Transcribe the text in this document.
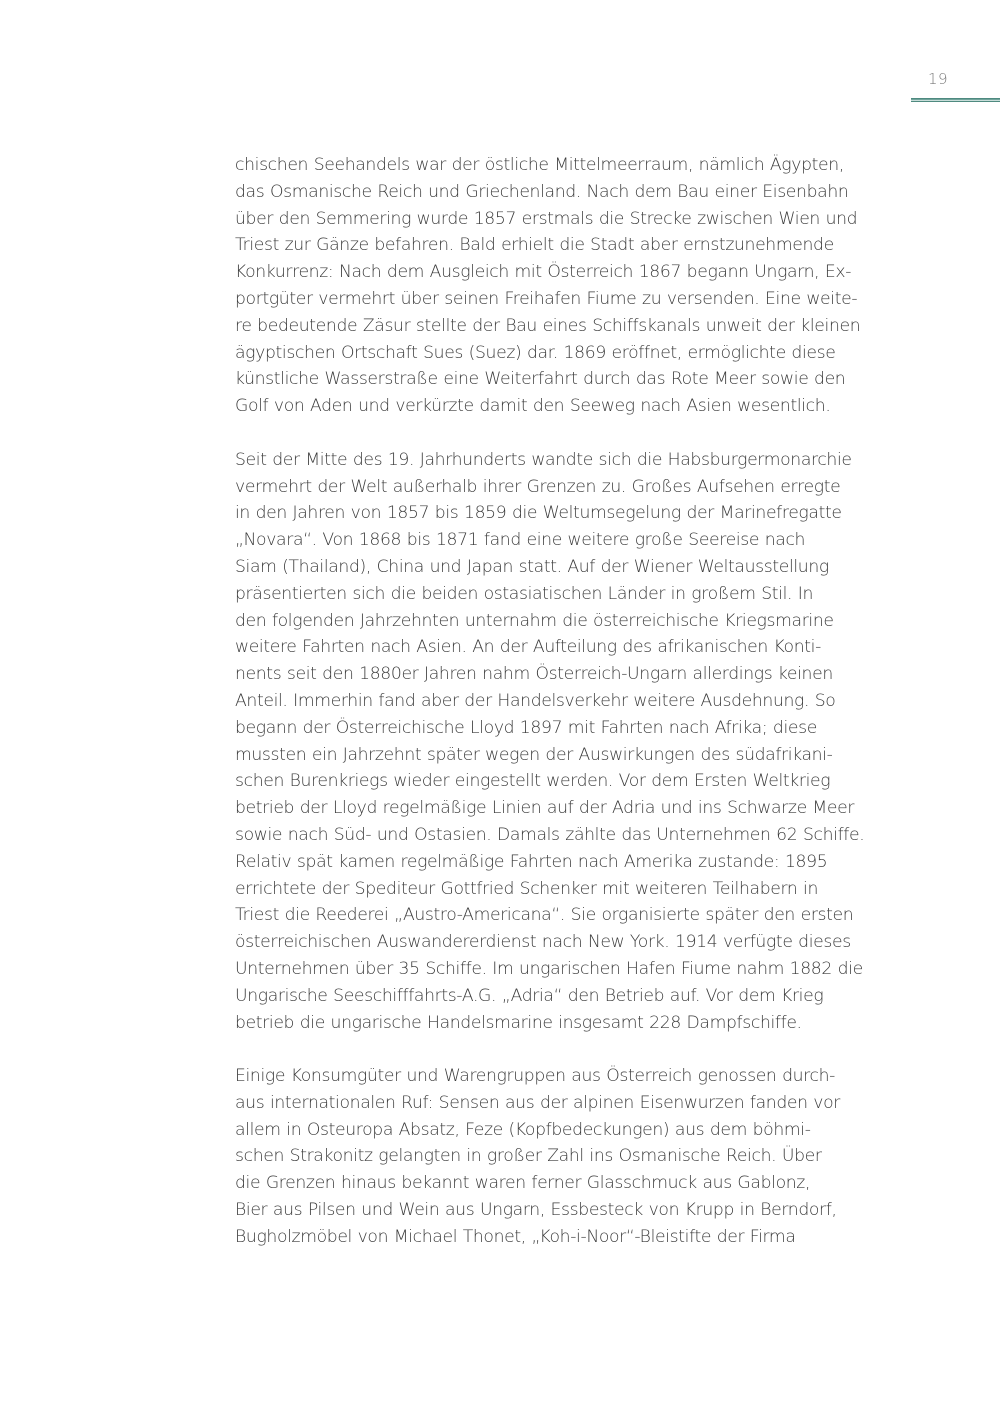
19
chischen Seehandels war der östliche Mittelmeerraum, nämlich Ägypten,
das Osmanische Reich und Griechenland. Nach dem Bau einer Eisenbahn
über den Semmering wurde 1857 erstmals die Strecke zwischen Wien und
Triest zur Gänze befahren. Bald erhielt die Stadt aber ernstzunehmende
Konkurrenz: Nach dem Ausgleich mit Österreich 1867 begann Ungarn, Ex-
portgüter vermehrt über seinen Freihafen Fiume zu versenden. Eine weite-
re bedeutende Zäsur stellte der Bau eines Schiffskanals unweit der kleinen
ägyptischen Ortschaft Sues (Suez) dar. 1869 eröffnet, ermöglichte diese
künstliche Wasserstraße eine Weiterfahrt durch das Rote Meer sowie den
Golf von Aden und verkürzte damit den Seeweg nach Asien wesentlich.
Seit der Mitte des 19. Jahrhunderts wandte sich die Habsburgermonarchie
vermehrt der Welt außerhalb ihrer Grenzen zu. Großes Aufsehen erregte
in den Jahren von 1857 bis 1859 die Weltumsegelung der Marinefregatte
„Novara“. Von 1868 bis 1871 fand eine weitere große Seereise nach
Siam (Thailand), China und Japan statt. Auf der Wiener Weltausstellung
präsentierten sich die beiden ostasiatischen Länder in großem Stil. In
den folgenden Jahrzehnten unternahm die österreichische Kriegsmarine
weitere Fahrten nach Asien. An der Aufteilung des afrikanischen Konti-
nents seit den 1880er Jahren nahm Österreich-Ungarn allerdings keinen
Anteil. Immerhin fand aber der Handelsverkehr weitere Ausdehnung. So
begann der Österreichische Lloyd 1897 mit Fahrten nach Afrika; diese
mussten ein Jahrzehnt später wegen der Auswirkungen des südafrikani-
schen Burenkriegs wieder eingestellt werden. Vor dem Ersten Weltkrieg
betrieb der Lloyd regelmäßige Linien auf der Adria und ins Schwarze Meer
sowie nach Süd- und Ostasien. Damals zählte das Unternehmen 62 Schiffe.
Relativ spät kamen regelmäßige Fahrten nach Amerika zustande: 1895
errichtete der Spediteur Gottfried Schenker mit weiteren Teilhabern in
Triest die Reederei „Austro-Americana“. Sie organisierte später den ersten
österreichischen Auswandererdienst nach New York. 1914 verfügte dieses
Unternehmen über 35 Schiffe. Im ungarischen Hafen Fiume nahm 1882 die
Ungarische Seeschifffahrts-A.G. „Adria“ den Betrieb auf. Vor dem Krieg
betrieb die ungarische Handelsmarine insgesamt 228 Dampfschiffe.
Einige Konsumgüter und Warengruppen aus Österreich genossen durch-
aus internationalen Ruf: Sensen aus der alpinen Eisenwurzen fanden vor
allem in Osteuropa Absatz, Feze (Kopfbedeckungen) aus dem böhmi-
schen Strakonitz gelangten in großer Zahl ins Osmanische Reich. Über
die Grenzen hinaus bekannt waren ferner Glasschmuck aus Gablonz,
Bier aus Pilsen und Wein aus Ungarn, Essbesteck von Krupp in Berndorf,
Bugholzmöbel von Michael Thonet, „Koh-i-Noor“-Bleistifte der Firma
